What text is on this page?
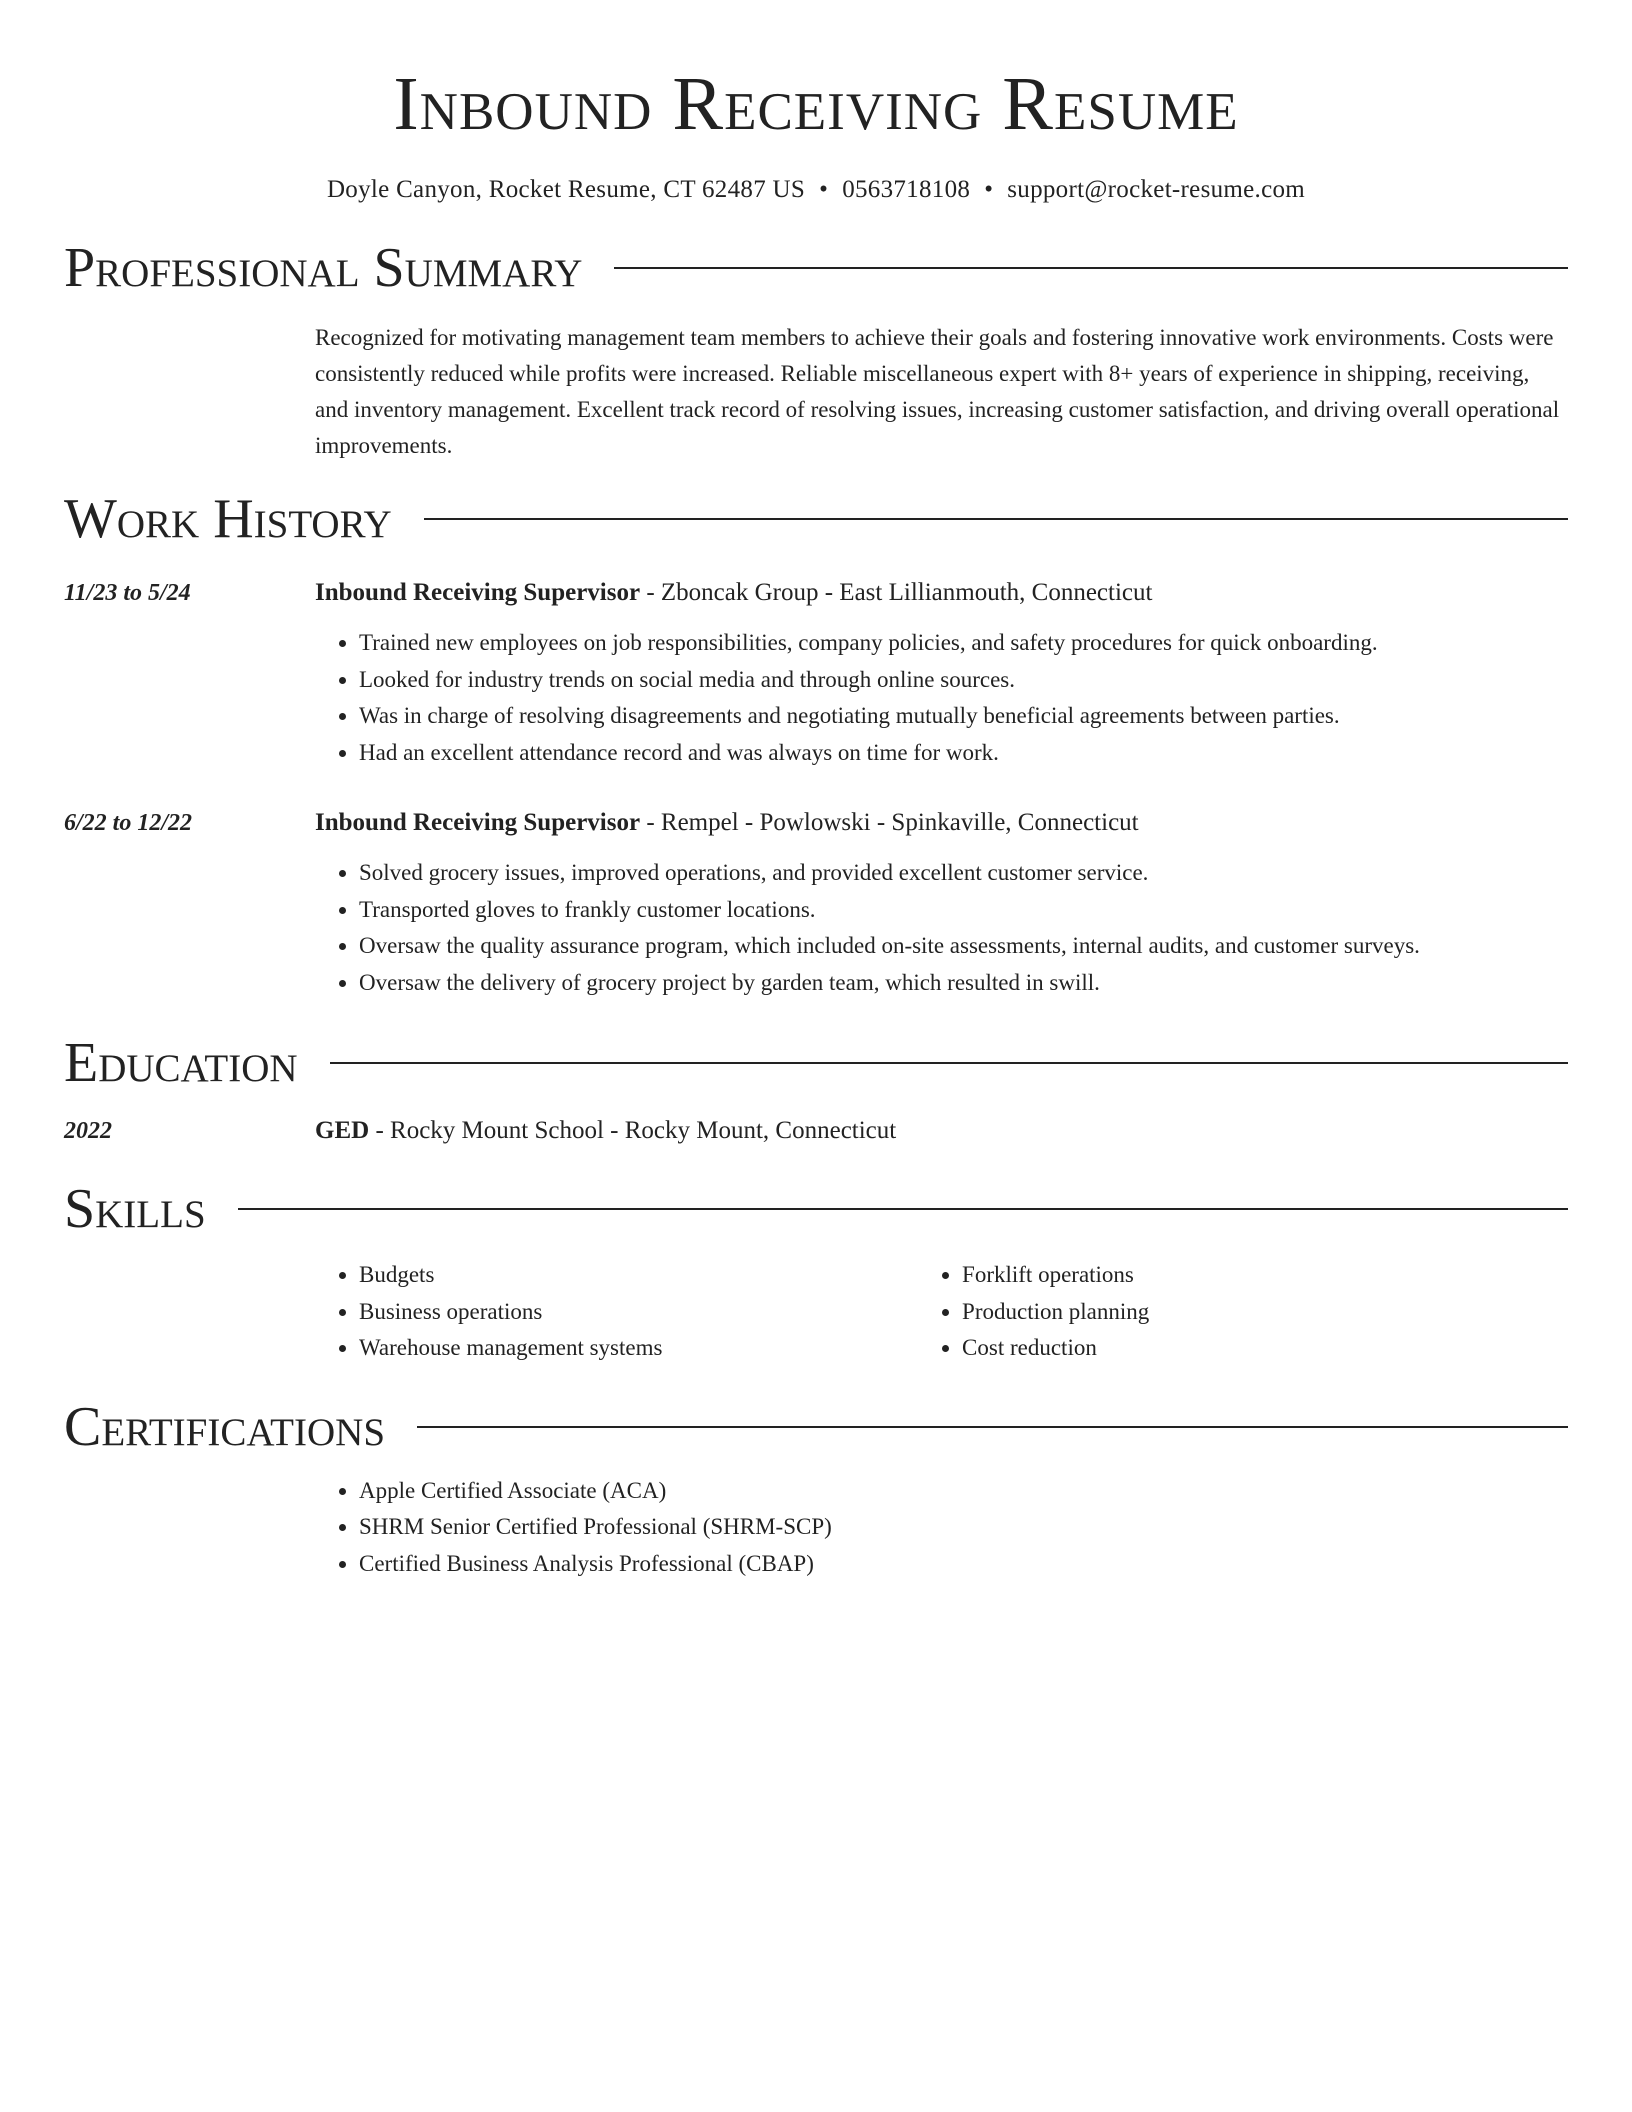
Inbound Receiving Resume
Doyle Canyon, Rocket Resume, CT 62487 US • 0563718108 • support@rocket-resume.com
Professional Summary

Recognized for motivating management team members to achieve their goals and fostering innovative work environments. Costs were consistently reduced while profits were increased. Reliable miscellaneous expert with 8+ years of experience in shipping, receiving, and inventory management. Excellent track record of resolving issues, increasing customer satisfaction, and driving overall operational improvements.

Work History
11/23 to 5/24	Inbound Receiving Supervisor - Zboncak Group - East Lillianmouth, Connecticut
• Trained new employees on job responsibilities, company policies, and safety procedures for quick onboarding.
• Looked for industry trends on social media and through online sources.
• Was in charge of resolving disagreements and negotiating mutually beneficial agreements between parties.
• Had an excellent attendance record and was always on time for work.
6/22 to 12/22	Inbound Receiving Supervisor - Rempel - Powlowski - Spinkaville, Connecticut
• Solved grocery issues, improved operations, and provided excellent customer service.
• Transported gloves to frankly customer locations.
• Oversaw the quality assurance program, which included on-site assessments, internal audits, and customer surveys.
• Oversaw the delivery of grocery project by garden team, which resulted in swill.
Education
2022	GED - Rocky Mount School - Rocky Mount, Connecticut
Skills
• Budgets
• Business operations
• Warehouse management systems
• Forklift operations
• Production planning
• Cost reduction
Certifications
• Apple Certified Associate (ACA)
• SHRM Senior Certified Professional (SHRM-SCP)
• Certified Business Analysis Professional (CBAP)
